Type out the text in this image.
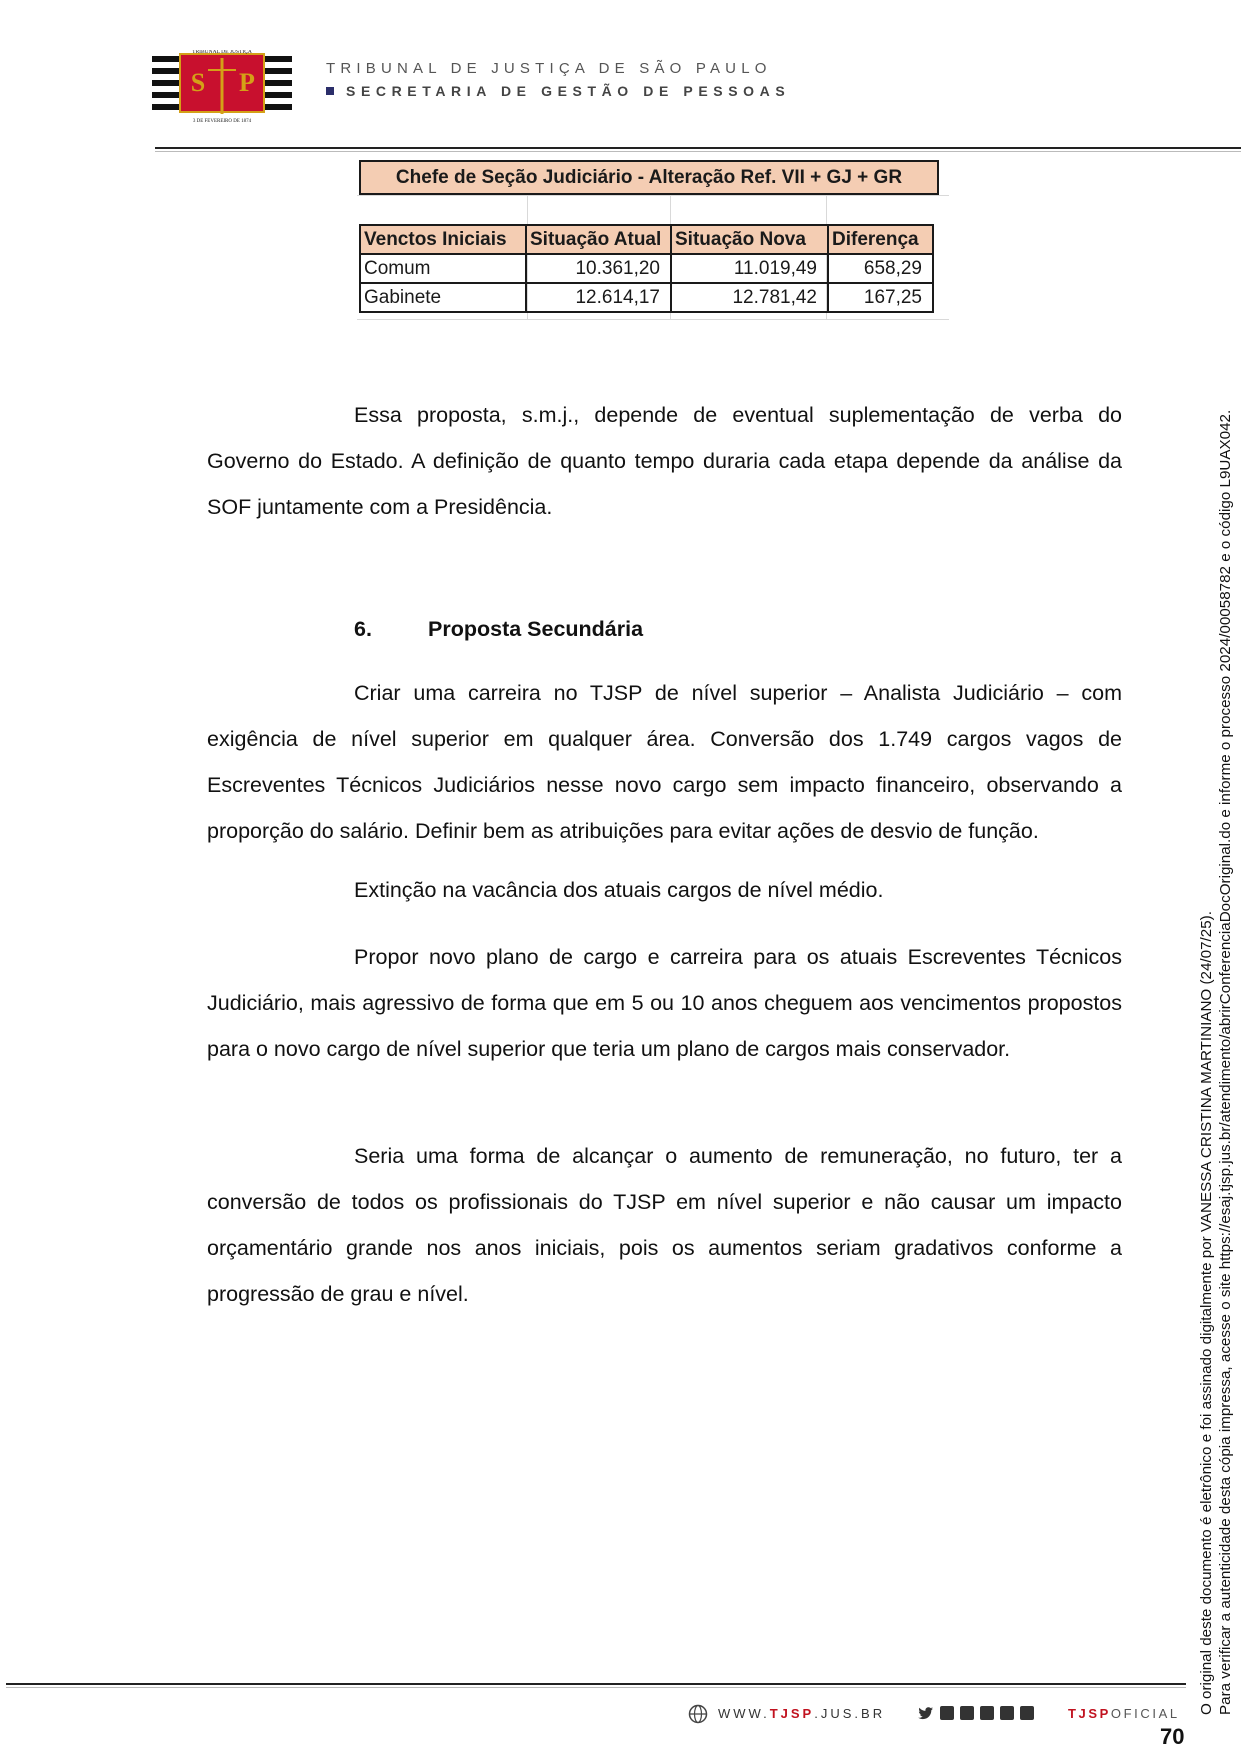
TRIBUNAL DE JUSTIÇA
S P
3 DE FEVEREIRO DE 1874
TRIBUNAL DE JUSTIÇA DE SÃO PAULO
SECRETARIA DE GESTÃO DE PESSOAS
Chefe de Seção Judiciário - Alteração Ref. VII + GJ + GR
Venctos Iniciais	Situação Atual	Situação Nova	Diferença
Comum	10.361,20	11.019,49	658,29
Gabinete	12.614,17	12.781,42	167,25
Essa proposta, s.m.j., depende de eventual suplementação de verba do Governo do Estado. A definição de quanto tempo duraria cada etapa depende da análise da SOF juntamente com a Presidência.
6.	Proposta Secundária
Criar uma carreira no TJSP de nível superior – Analista Judiciário – com exigência de nível superior em qualquer área. Conversão dos 1.749 cargos vagos de Escreventes Técnicos Judiciários nesse novo cargo sem impacto financeiro, observando a proporção do salário. Definir bem as atribuições para evitar ações de desvio de função.
Extinção na vacância dos atuais cargos de nível médio.
Propor novo plano de cargo e carreira para os atuais Escreventes Técnicos Judiciário, mais agressivo de forma que em 5 ou 10 anos cheguem aos vencimentos propostos para o novo cargo de nível superior que teria um plano de cargos mais conservador.
Seria uma forma de alcançar o aumento de remuneração, no futuro, ter a conversão de todos os profissionais do TJSP em nível superior e não causar um impacto orçamentário grande nos anos iniciais, pois os aumentos seriam gradativos conforme a progressão de grau e nível.	O original deste documento é eletrônico e foi assinado digitalmente por VANESSA CRISTINA MARTINIANO (24/07/25). Para verificar a autenticidade desta cópia impressa, acesse o site https://esaj.tjsp.jus.br/atendimento/abrirConferenciaDocOriginal.do e informe o processo 2024/00058782 e o código L9UAX042.
WWW.TJSP.JUS.BR	TJSPOFICIAL
70
